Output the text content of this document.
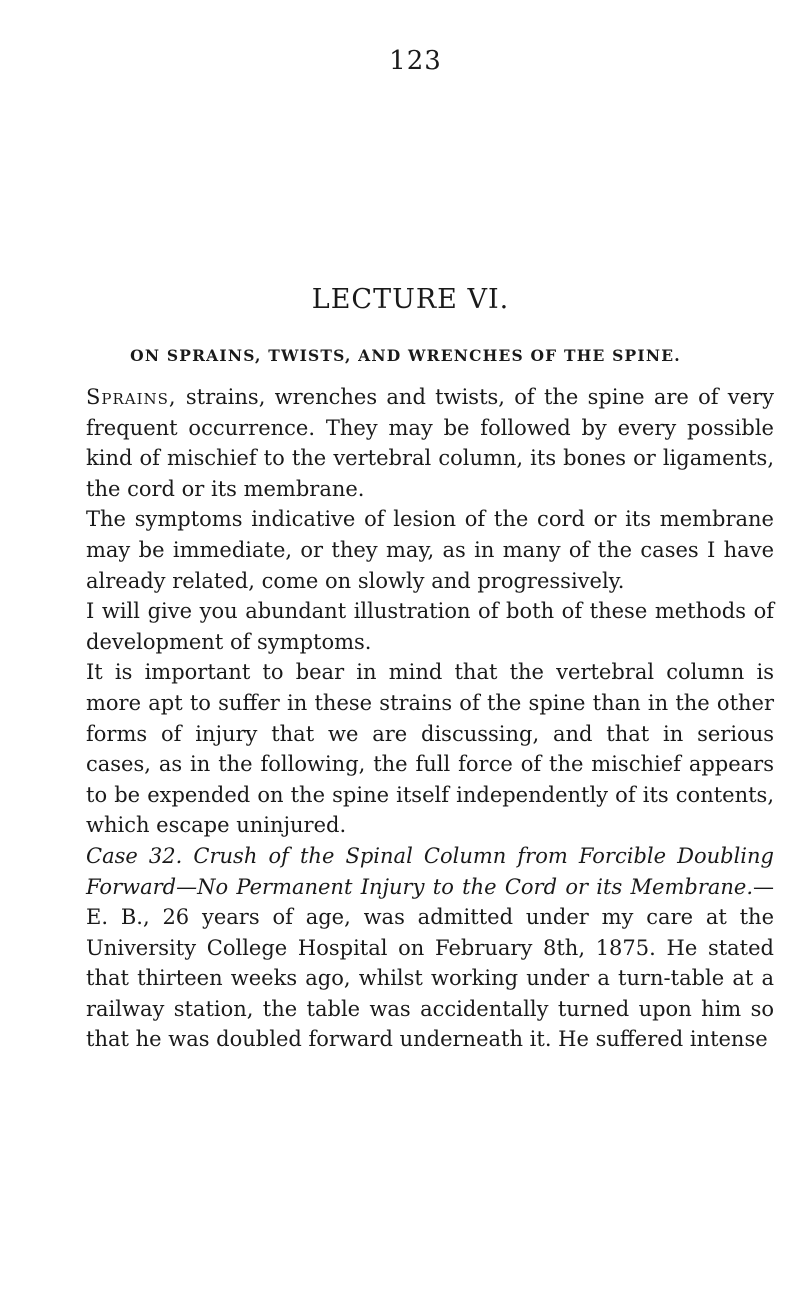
123
LECTURE VI.
ON SPRAINS, TWISTS, AND WRENCHES OF THE SPINE.

Sprains, strains, wrenches and twists, of the spine are of very frequent occurrence. They may be followed by every possible kind of mischief to the vertebral column, its bones or ligaments, the cord or its membrane.

The symptoms indicative of lesion of the cord or its membrane may be immediate, or they may, as in many of the cases I have already related, come on slowly and progressively.

I will give you abundant illustration of both of these methods of development of symptoms.

It is important to bear in mind that the vertebral column is more apt to suffer in these strains of the spine than in the other forms of injury that we are discussing, and that in serious cases, as in the following, the full force of the mischief appears to be expended on the spine itself independently of its contents, which escape uninjured.

Case 32. Crush of the Spinal Column from Forcible Doubling Forward—No Permanent Injury to the Cord or its Membrane.—E. B., 26 years of age, was admitted under my care at the University College Hospital on February 8th, 1875. He stated that thirteen weeks ago, whilst working under a turn-table at a railway station, the table was accidentally turned upon him so that he was doubled forward underneath it. He suffered intense
